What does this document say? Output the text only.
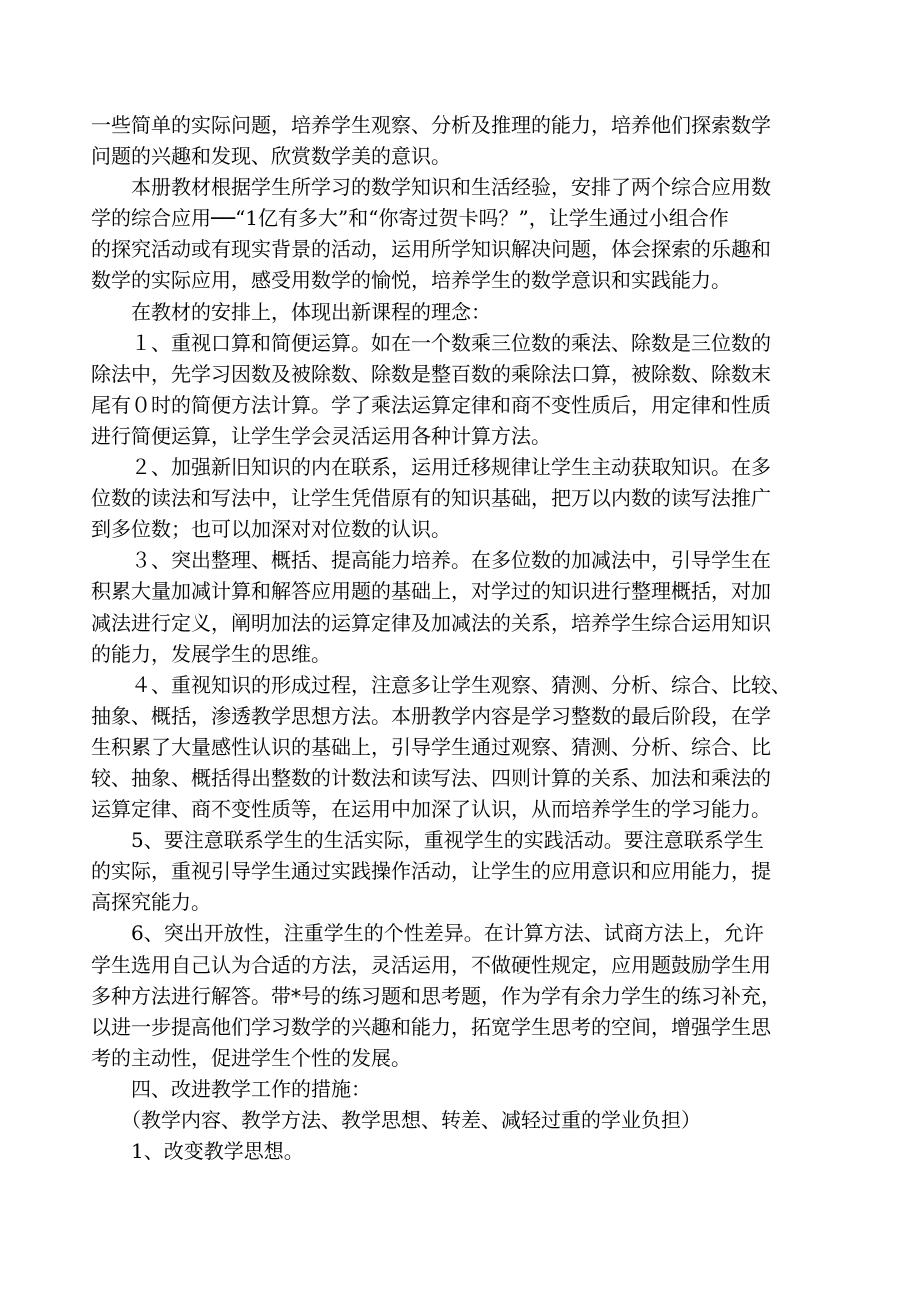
一些简单的实际问题，培养学生观察、分析及推理的能力，培养他们探索数学
问题的兴趣和发现、欣赏数学美的意识。
　　本册教材根据学生所学习的数学知识和生活经验，安排了两个综合应用数
学的综合应用──“1亿有多大”和“你寄过贺卡吗？”，让学生通过小组合作
的探究活动或有现实背景的活动，运用所学知识解决问题，体会探索的乐趣和
数学的实际应用，感受用数学的愉悦，培养学生的数学意识和实践能力。
　　在教材的安排上，体现出新课程的理念：
　　１、重视口算和简便运算。如在一个数乘三位数的乘法、除数是三位数的
除法中，先学习因数及被除数、除数是整百数的乘除法口算，被除数、除数末
尾有０时的简便方法计算。学了乘法运算定律和商不变性质后，用定律和性质
进行简便运算，让学生学会灵活运用各种计算方法。
　　２、加强新旧知识的内在联系，运用迁移规律让学生主动获取知识。在多
位数的读法和写法中，让学生凭借原有的知识基础，把万以内数的读写法推广
到多位数；也可以加深对对位数的认识。
　　３、突出整理、概括、提高能力培养。在多位数的加减法中，引导学生在
积累大量加减计算和解答应用题的基础上，对学过的知识进行整理概括，对加
减法进行定义，阐明加法的运算定律及加减法的关系，培养学生综合运用知识
的能力，发展学生的思维。
　　４、重视知识的形成过程，注意多让学生观察、猜测、分析、综合、比较、
抽象、概括，渗透教学思想方法。本册教学内容是学习整数的最后阶段，在学
生积累了大量感性认识的基础上，引导学生通过观察、猜测、分析、综合、比
较、抽象、概括得出整数的计数法和读写法、四则计算的关系、加法和乘法的
运算定律、商不变性质等，在运用中加深了认识，从而培养学生的学习能力。
　　5、要注意联系学生的生活实际，重视学生的实践活动。要注意联系学生
的实际，重视引导学生通过实践操作活动，让学生的应用意识和应用能力，提
高探究能力。
　　6、突出开放性，注重学生的个性差异。在计算方法、试商方法上，允许
学生选用自己认为合适的方法，灵活运用，不做硬性规定，应用题鼓励学生用
多种方法进行解答。带*号的练习题和思考题，作为学有余力学生的练习补充，
以进一步提高他们学习数学的兴趣和能力，拓宽学生思考的空间，增强学生思
考的主动性，促进学生个性的发展。
　　四、改进教学工作的措施：
　　（教学内容、教学方法、教学思想、转差、减轻过重的学业负担）
　　1、改变教学思想。
